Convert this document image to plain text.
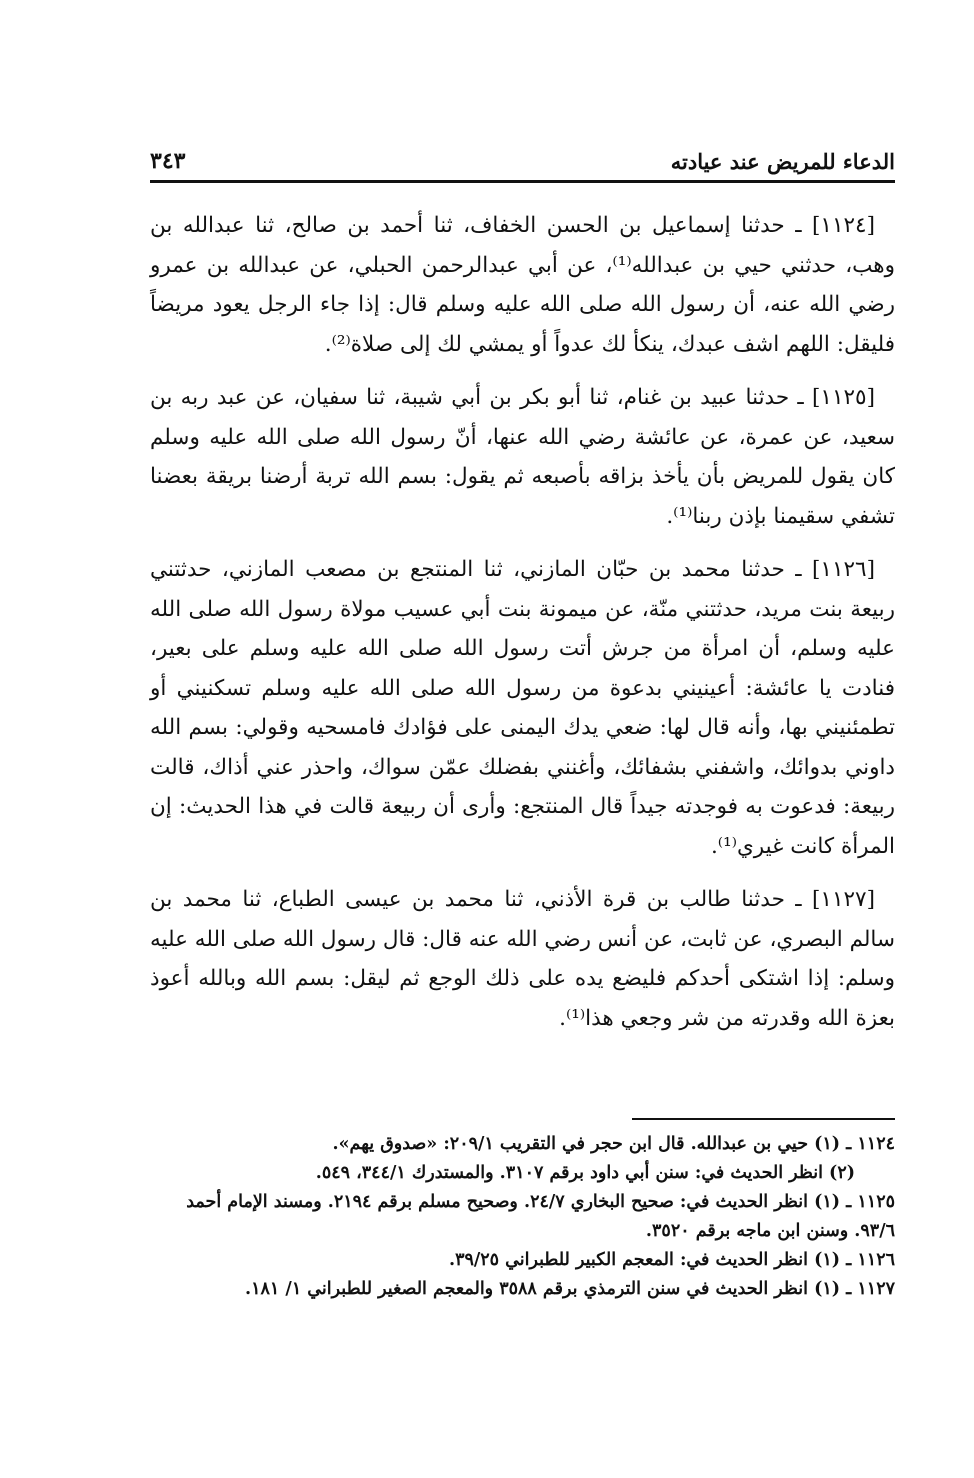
الدعاء للمريض عند عيادته
٣٤٣

[١١٢٤] ـ حدثنا إسماعيل بن الحسن الخفاف، ثنا أحمد بن صالح، ثنا عبدالله بن وهب، حدثني حيي بن عبدالله⁽¹⁾، عن أبي عبدالرحمن الحبلي، عن عبدالله بن عمرو رضي الله عنه، أن رسول الله صلى الله عليه وسلم قال: إذا جاء الرجل يعود مريضاً فليقل: اللهم اشف عبدك، ينكأ لك عدواً أو يمشي لك إلى صلاة⁽²⁾.

[١١٢٥] ـ حدثنا عبيد بن غنام، ثنا أبو بكر بن أبي شيبة، ثنا سفيان، عن عبد ربه بن سعيد، عن عمرة، عن عائشة رضي الله عنها، أنّ رسول الله صلى الله عليه وسلم كان يقول للمريض بأن يأخذ بزاقه بأصبعه ثم يقول: بسم الله تربة أرضنا بريقة بعضنا تشفي سقيمنا بإذن ربنا⁽¹⁾.

[١١٢٦] ـ حدثنا محمد بن حبّان المازني، ثنا المنتجع بن مصعب المازني، حدثتني ربيعة بنت مريد، حدثتني منّة، عن ميمونة بنت أبي عسيب مولاة رسول الله صلى الله عليه وسلم، أن امرأة من جرش أتت رسول الله صلى الله عليه وسلم على بعير، فنادت يا عائشة: أعينيني بدعوة من رسول الله صلى الله عليه وسلم تسكنيني أو تطمئنيني بها، وأنه قال لها: ضعي يدك اليمنى على فؤادك فامسحيه وقولي: بسم الله داوني بدوائك، واشفني بشفائك، وأغنني بفضلك عمّن سواك، واحذر عني أذاك، قالت ربيعة: فدعوت به فوجدته جيداً قال المنتجع: وأرى أن ربيعة قالت في هذا الحديث: إن المرأة كانت غيري⁽¹⁾.

[١١٢٧] ـ حدثنا طالب بن قرة الأذني، ثنا محمد بن عيسى الطباع، ثنا محمد بن سالم البصري، عن ثابت، عن أنس رضي الله عنه قال: قال رسول الله صلى الله عليه وسلم: إذا اشتكى أحدكم فليضع يده على ذلك الوجع ثم ليقل: بسم الله وبالله أعوذ بعزة الله وقدرته من شر وجعي هذا⁽¹⁾.

١١٢٤ ـ (١) حيي بن عبدالله. قال ابن حجر في التقريب ٢٠٩/١: «صدوق يهم».

(٢) انظر الحديث في: سنن أبي داود برقم ٣١٠٧. والمستدرك ٣٤٤/١، ٥٤٩.

١١٢٥ ـ (١) انظر الحديث في: صحيح البخاري ٢٤/٧. وصحيح مسلم برقم ٢١٩٤. ومسند الإمام أحمد ٩٣/٦. وسنن ابن ماجه برقم ٣٥٢٠.

١١٢٦ ـ (١) انظر الحديث في: المعجم الكبير للطبراني ٣٩/٢٥.

١١٢٧ ـ (١) انظر الحديث في سنن الترمذي برقم ٣٥٨٨ والمعجم الصغير للطبراني ١/ ١٨١.
